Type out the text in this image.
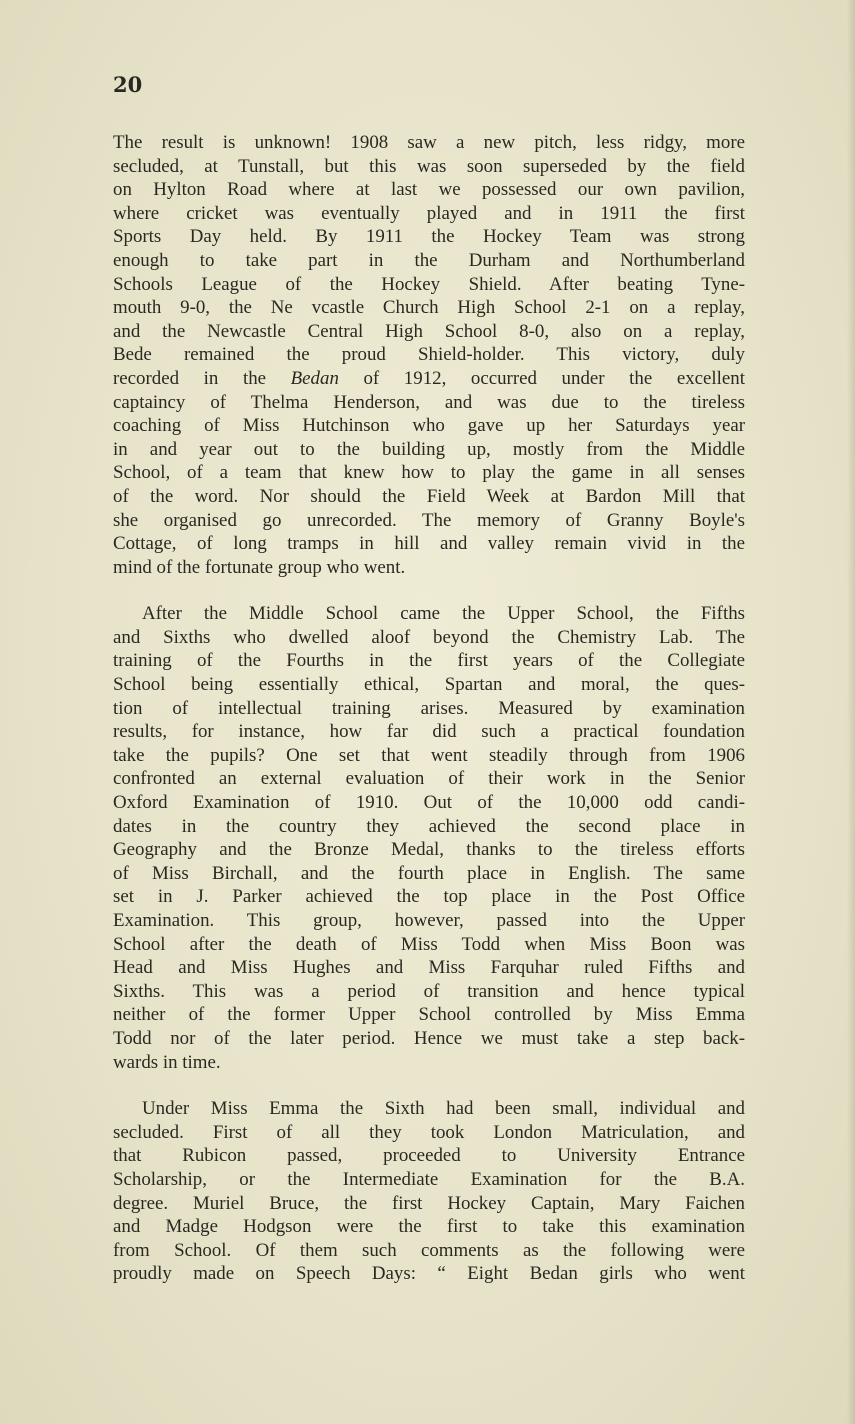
20
The result is unknown! 1908 saw a new pitch, less ridgy, more
secluded, at Tunstall, but this was soon superseded by the field
on Hylton Road where at last we possessed our own pavilion,
where cricket was eventually played and in 1911 the first
Sports Day held. By 1911 the Hockey Team was strong
enough to take part in the Durham and Northumberland
Schools League of the Hockey Shield. After beating Tyne-
mouth 9-0, the Ne vcastle Church High School 2-1 on a replay,
and the Newcastle Central High School 8-0, also on a replay,
Bede remained the proud Shield-holder. This victory, duly
recorded in the Bedan of 1912, occurred under the excellent
captaincy of Thelma Henderson, and was due to the tireless
coaching of Miss Hutchinson who gave up her Saturdays year
in and year out to the building up, mostly from the Middle
School, of a team that knew how to play the game in all senses
of the word. Nor should the Field Week at Bardon Mill that
she organised go unrecorded. The memory of Granny Boyle's
Cottage, of long tramps in hill and valley remain vivid in the
mind of the fortunate group who went.
After the Middle School came the Upper School, the Fifths
and Sixths who dwelled aloof beyond the Chemistry Lab. The
training of the Fourths in the first years of the Collegiate
School being essentially ethical, Spartan and moral, the ques-
tion of intellectual training arises. Measured by examination
results, for instance, how far did such a practical foundation
take the pupils? One set that went steadily through from 1906
confronted an external evaluation of their work in the Senior
Oxford Examination of 1910. Out of the 10,000 odd candi-
dates in the country they achieved the second place in
Geography and the Bronze Medal, thanks to the tireless efforts
of Miss Birchall, and the fourth place in English. The same
set in J. Parker achieved the top place in the Post Office
Examination. This group, however, passed into the Upper
School after the death of Miss Todd when Miss Boon was
Head and Miss Hughes and Miss Farquhar ruled Fifths and
Sixths. This was a period of transition and hence typical
neither of the former Upper School controlled by Miss Emma
Todd nor of the later period. Hence we must take a step back-
wards in time.
Under Miss Emma the Sixth had been small, individual and
secluded. First of all they took London Matriculation, and
that Rubicon passed, proceeded to University Entrance
Scholarship, or the Intermediate Examination for the B.A.
degree. Muriel Bruce, the first Hockey Captain, Mary Faichen
and Madge Hodgson were the first to take this examination
from School. Of them such comments as the following were
proudly made on Speech Days: “ Eight Bedan girls who went
